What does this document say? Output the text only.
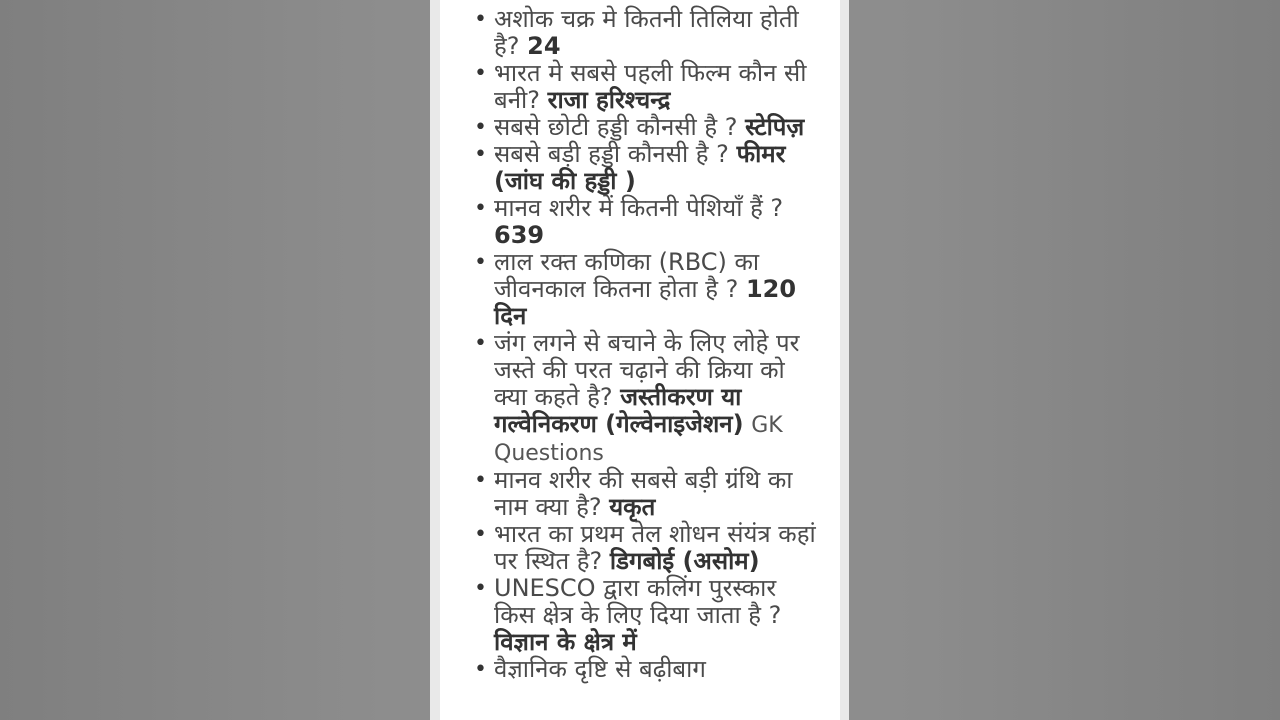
• अशोक चक्र मे कितनी तिलिया होती है? 24
• भारत मे सबसे पहली फिल्म कौन सी बनी? राजा हरिश्चन्द्र
• सबसे छोटी हड्डी कौनसी है ? स्टेपिज़
• सबसे बड़ी हड्डी कौनसी है ? फीमर (जांघ की हड्डी )
• मानव शरीर में कितनी पेशियाँ हैं ? 639
• लाल रक्त कणिका (RBC) का जीवनकाल कितना होता है ? 120 दिन
• जंग लगने से बचाने के लिए लोहे पर जस्ते की परत चढ़ाने की क्रिया को क्या कहते है? जस्तीकरण या गल्वेनिकरण (गेल्वेनाइजेशन) GK Questions
• मानव शरीर की सबसे बड़ी ग्रंथि का नाम क्या है? यकृत
• भारत का प्रथम तेल शोधन संयंत्र कहां पर स्थित है? डिगबोई (असोम)
• UNESCO द्वारा कलिंग पुरस्कार किस क्षेत्र के लिए दिया जाता है ? विज्ञान के क्षेत्र में
• वैज्ञानिक दृष्टि से बढ़ीबाग
